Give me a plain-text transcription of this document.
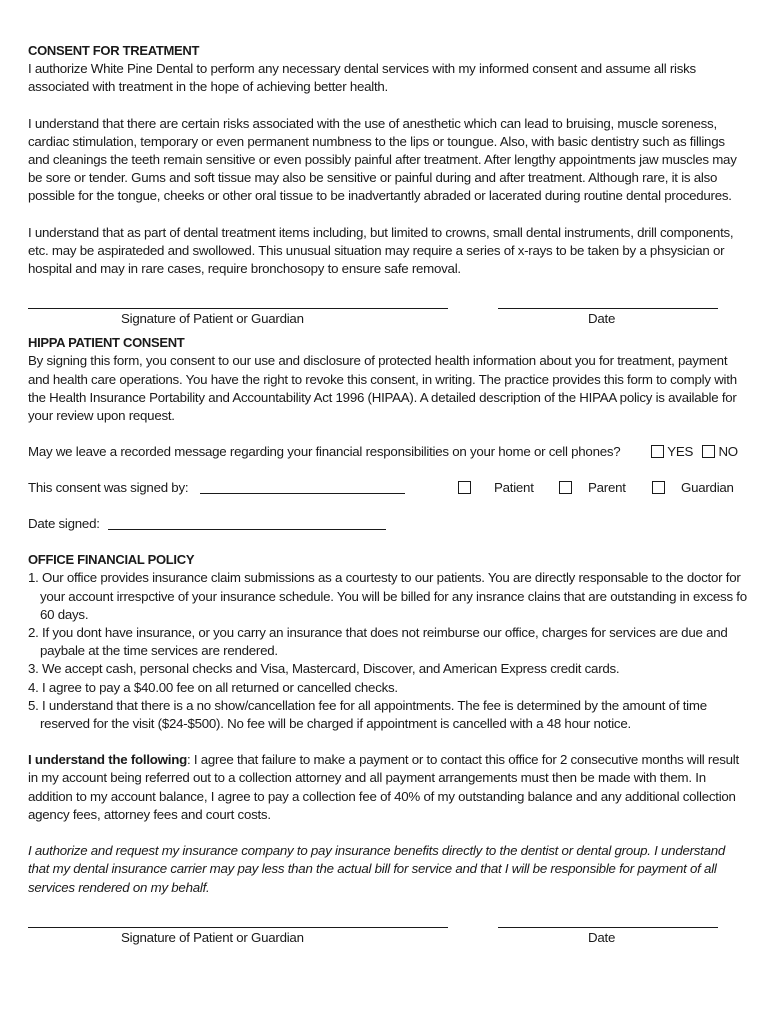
CONSENT FOR TREATMENT

I authorize White Pine Dental to perform any necessary dental services with my informed consent and assume all risks associated with treatment in the hope of achieving better health.

I understand that there are certain risks associated with the use of anesthetic which can lead to bruising, muscle soreness, cardiac stimulation, temporary or even permanent numbness to the lips or toungue. Also, with basic dentistry such as fillings and cleanings the teeth remain sensitive or even possibly painful after treatment. After lengthy appointments jaw muscles may be sore or tender. Gums and soft tissue may also be sensitive or painful during and after treatment. Although rare, it is also possible for the tongue, cheeks or other oral tissue to be inadvertantly abraded or lacerated during routine dental procedures.

I understand that as part of dental treatment items including, but limited to crowns, small dental instruments, drill components, etc. may be aspirateded and swollowed. This unusual situation may require a series of x-rays to be taken by a phsysician or hospital and may in rare cases, require bronchosopy to ensure safe removal.

Signature of Patient or Guardian	Date
HIPPA PATIENT CONSENT

By signing this form, you consent to our use and disclosure of protected health information about you for treatment, payment and health care operations. You have the right to revoke this consent, in writing. The practice provides this form to comply with the Health Insurance Portability and Accountability Act 1996 (HIPAA). A detailed description of the HIPAA policy is available for your review upon request.

May we leave a recorded message regarding your financial responsibilities on your home or cell phones?	YES	NO
This consent was signed by:	Patient	Parent	Guardian
Date signed:
OFFICE FINANCIAL POLICY

1. Our office provides insurance claim submissions as a courtesty to our patients. You are directly responsable to the doctor for your account irrespctive of your insurance schedule. You will be billed for any insrance clains that are outstanding in excess fo 60 days.

2. If you dont have insurance, or you carry an insurance that does not reimburse our office, charges for services are due and paybale at the time services are rendered.

3. We accept cash, personal checks and Visa, Mastercard, Discover, and American Express credit cards.

4. I agree to pay a $40.00 fee on all returned or cancelled checks.

5. I understand that there is a no show/cancellation fee for all appointments. The fee is determined by the amount of time reserved for the visit ($24-$500). No fee will be charged if appointment is cancelled with a 48 hour notice.

I understand the following: I agree that failure to make a payment or to contact this office for 2 consecutive months will result in my account being referred out to a collection attorney and all payment arrangements must then be made with them. In addition to my account balance, I agree to pay a collection fee of 40% of my outstanding balance and any additional collection agency fees, attorney fees and court costs.

I authorize and request my insurance company to pay insurance benefits directly to the dentist or dental group. I understand that my dental insurance carrier may pay less than the actual bill for service and that I will be responsible for payment of all services rendered on my behalf.

Signature of Patient or Guardian	Date
